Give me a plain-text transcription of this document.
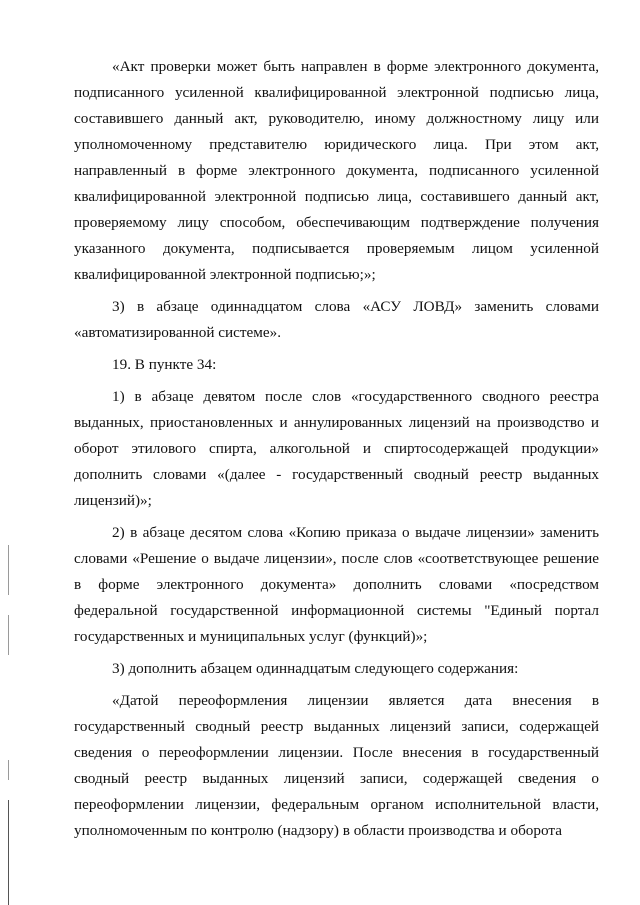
«Акт проверки может быть направлен в форме электронного документа, подписанного усиленной квалифицированной электронной подписью лица, составившего данный акт, руководителю, иному должностному лицу или уполномоченному представителю юридического лица. При этом акт, направленный в форме электронного документа, подписанного усиленной квалифицированной электронной подписью лица, составившего данный акт, проверяемому лицу способом, обеспечивающим подтверждение получения указанного документа, подписывается проверяемым лицом усиленной квалифицированной электронной подписью;»;

3) в абзаце одиннадцатом слова «АСУ ЛОВД» заменить словами «автоматизированной системе».

19. В пункте 34:

1) в абзаце девятом после слов «государственного сводного реестра выданных, приостановленных и аннулированных лицензий на производство и оборот этилового спирта, алкогольной и спиртосодержащей продукции» дополнить словами «(далее - государственный сводный реестр выданных лицензий)»;

2) в абзаце десятом слова «Копию приказа о выдаче лицензии» заменить словами «Решение о выдаче лицензии», после слов «соответствующее решение в форме электронного документа» дополнить словами «посредством федеральной государственной информационной системы "Единый портал государственных и муниципальных услуг (функций)»;

3) дополнить абзацем одиннадцатым следующего содержания:

«Датой переоформления лицензии является дата внесения в государственный сводный реестр выданных лицензий записи, содержащей сведения о переоформлении лицензии. После внесения в государственный сводный реестр выданных лицензий записи, содержащей сведения о переоформлении лицензии, федеральным органом исполнительной власти, уполномоченным по контролю (надзору) в области производства и оборота
